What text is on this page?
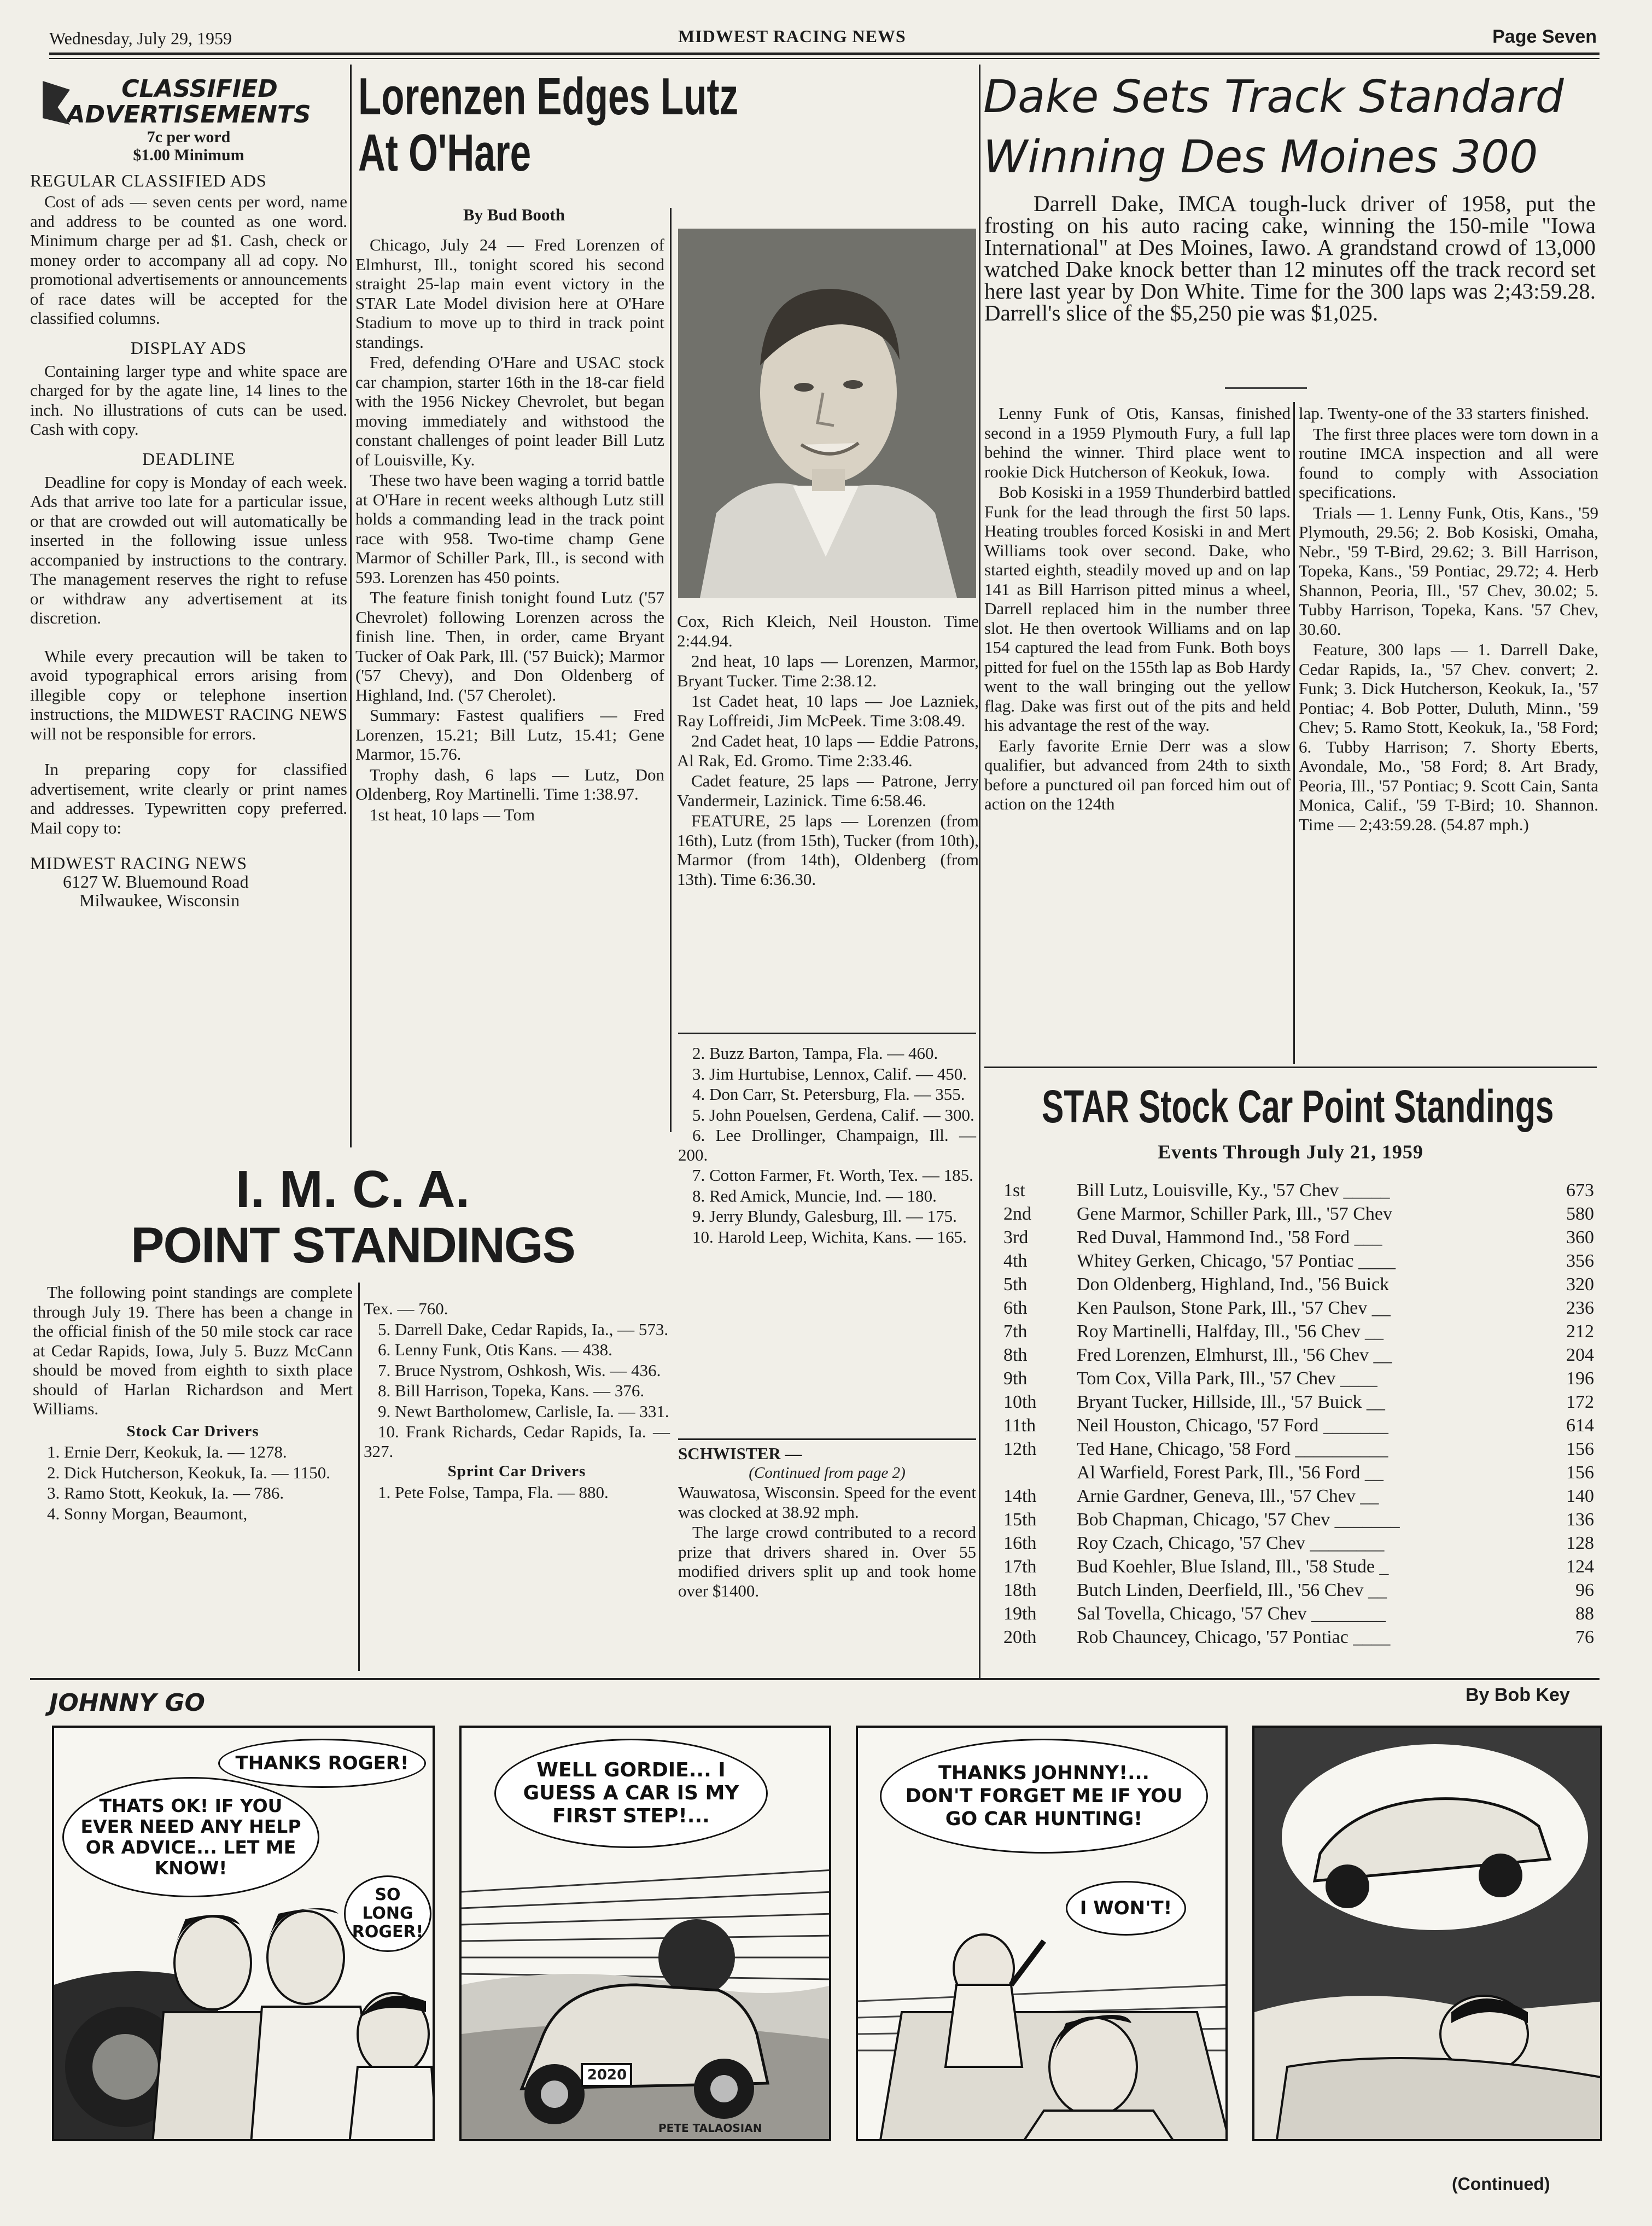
Wednesday, July 29, 1959	MIDWEST RACING NEWS	Page Seven
CLASSIFIED
ADVERTISEMENTS
7c per word
$1.00 Minimum
REGULAR CLASSIFIED ADS

Cost of ads — seven cents per word, name and address to be counted as one word. Minimum charge per ad $1. Cash, check or money order to accompany all ad copy. No promotional advertisements or announcements of race dates will be accepted for the classified columns.

DISPLAY ADS

Containing larger type and white space are charged for by the agate line, 14 lines to the inch. No illustrations of cuts can be used. Cash with copy.

DEADLINE

Deadline for copy is Monday of each week. Ads that arrive too late for a particular issue, or that are crowded out will automatically be inserted in the following issue unless accompanied by instructions to the contrary. The management reserves the right to refuse or withdraw any advertisement at its discretion.

While every precaution will be taken to avoid typographical errors arising from illegible copy or telephone insertion instructions, the MIDWEST RACING NEWS will not be responsible for errors.

In preparing copy for classified advertisement, write clearly or print names and addresses. Typewritten copy preferred. Mail copy to:

MIDWEST RACING NEWS
6127 W. Bluemound Road
Milwaukee, Wisconsin
Lorenzen Edges Lutz
At O'Hare
By Bud Booth

Chicago, July 24 — Fred Lorenzen of Elmhurst, Ill., tonight scored his second straight 25-lap main event victory in the STAR Late Model division here at O'Hare Stadium to move up to third in track point standings.

Fred, defending O'Hare and USAC stock car champion, starter 16th in the 18-car field with the 1956 Nickey Chevrolet, but began moving immediately and withstood the constant challenges of point leader Bill Lutz of Louisville, Ky.

These two have been waging a torrid battle at O'Hare in recent weeks although Lutz still holds a commanding lead in the track point race with 958. Two-time champ Gene Marmor of Schiller Park, Ill., is second with 593. Lorenzen has 450 points.

The feature finish tonight found Lutz ('57 Chevrolet) following Lorenzen across the finish line. Then, in order, came Bryant Tucker of Oak Park, Ill. ('57 Buick); Marmor ('57 Chevy), and Don Oldenberg of Highland, Ind. ('57 Cherolet).

Summary: Fastest qualifiers — Fred Lorenzen, 15.21; Bill Lutz, 15.41; Gene Marmor, 15.76.

Trophy dash, 6 laps — Lutz, Don Oldenberg, Roy Martinelli. Time 1:38.97.

1st heat, 10 laps — Tom

Cox, Rich Kleich, Neil Houston. Time 2:44.94.

2nd heat, 10 laps — Lorenzen, Marmor, Bryant Tucker. Time 2:38.12.

1st Cadet heat, 10 laps — Joe Lazniek, Ray Loffreidi, Jim McPeek. Time 3:08.49.

2nd Cadet heat, 10 laps — Eddie Patrons, Al Rak, Ed. Gromo. Time 2:33.46.

Cadet feature, 25 laps — Patrone, Jerry Vandermeir, Lazinick. Time 6:58.46.

FEATURE, 25 laps — Lorenzen (from 16th), Lutz (from 15th), Tucker (from 10th), Marmor (from 14th), Oldenberg (from 13th). Time 6:36.30.

Dake Sets Track Standard
Winning Des Moines 300
Darrell Dake, IMCA tough-luck driver of 1958, put the frosting on his auto racing cake, winning the 150-mile "Iowa International" at Des Moines, Iawo. A grandstand crowd of 13,000 watched Dake knock better than 12 minutes off the track record set here last year by Don White. Time for the 300 laps was 2;43:59.28. Darrell's slice of the $5,250 pie was $1,025.

Lenny Funk of Otis, Kansas, finished second in a 1959 Plymouth Fury, a full lap behind the winner. Third place went to rookie Dick Hutcherson of Keokuk, Iowa.

Bob Kosiski in a 1959 Thunderbird battled Funk for the lead through the first 50 laps. Heating troubles forced Kosiski in and Mert Williams took over second. Dake, who started eighth, steadily moved up and on lap 141 as Bill Harrison pitted minus a wheel, Darrell replaced him in the number three slot. He then overtook Williams and on lap 154 captured the lead from Funk. Both boys pitted for fuel on the 155th lap as Bob Hardy went to the wall bringing out the yellow flag. Dake was first out of the pits and held his advantage the rest of the way.

Early favorite Ernie Derr was a slow qualifier, but advanced from 24th to sixth before a punctured oil pan forced him out of action on the 124th

lap. Twenty-one of the 33 starters finished.

The first three places were torn down in a routine IMCA inspection and all were found to comply with Association specifications.

Trials — 1. Lenny Funk, Otis, Kans., '59 Plymouth, 29.56; 2. Bob Kosiski, Omaha, Nebr., '59 T-Bird, 29.62; 3. Bill Harrison, Topeka, Kans., '59 Pontiac, 29.72; 4. Herb Shannon, Peoria, Ill., '57 Chev, 30.02; 5. Tubby Harrison, Topeka, Kans. '57 Chev, 30.60.

Feature, 300 laps — 1. Darrell Dake, Cedar Rapids, Ia., '57 Chev. convert; 2. Funk; 3. Dick Hutcherson, Keokuk, Ia., '57 Pontiac; 4. Bob Potter, Duluth, Minn., '59 Chev; 5. Ramo Stott, Keokuk, Ia., '58 Ford; 6. Tubby Harrison; 7. Shorty Eberts, Avondale, Mo., '58 Ford; 8. Art Brady, Peoria, Ill., '57 Pontiac; 9. Scott Cain, Santa Monica, Calif., '59 T-Bird; 10. Shannon. Time — 2;43:59.28. (54.87 mph.)

STAR Stock Car Point Standings
Events Through July 21, 1959
1st	Bill Lutz, Louisville, Ky., '57 Chev _____	673
2nd	Gene Marmor, Schiller Park, Ill., '57 Chev	580
3rd	Red Duval, Hammond Ind., '58 Ford ___	360
4th	Whitey Gerken, Chicago, '57 Pontiac ____	356
5th	Don Oldenberg, Highland, Ind., '56 Buick	320
6th	Ken Paulson, Stone Park, Ill., '57 Chev __	236
7th	Roy Martinelli, Halfday, Ill., '56 Chev __	212
8th	Fred Lorenzen, Elmhurst, Ill., '56 Chev __	204
9th	Tom Cox, Villa Park, Ill., '57 Chev ____	196
10th	Bryant Tucker, Hillside, Ill., '57 Buick __	172
11th	Neil Houston, Chicago, '57 Ford _______	614
12th	Ted Hane, Chicago, '58 Ford __________	156
Al Warfield, Forest Park, Ill., '56 Ford __	156
14th	Arnie Gardner, Geneva, Ill., '57 Chev __	140
15th	Bob Chapman, Chicago, '57 Chev _______	136
16th	Roy Czach, Chicago, '57 Chev ________	128
17th	Bud Koehler, Blue Island, Ill., '58 Stude _	124
18th	Butch Linden, Deerfield, Ill., '56 Chev __	96
19th	Sal Tovella, Chicago, '57 Chev ________	88
20th	Rob Chauncey, Chicago, '57 Pontiac ____	76
I. M. C. A.
POINT STANDINGS

The following point standings are complete through July 19. There has been a change in the official finish of the 50 mile stock car race at Cedar Rapids, Iowa, July 5. Buzz McCann should be moved from eighth to sixth place should of Harlan Richardson and Mert Williams.

Stock Car Drivers

1. Ernie Derr, Keokuk, Ia. — 1278.

2. Dick Hutcherson, Keokuk, Ia. — 1150.

3. Ramo Stott, Keokuk, Ia. — 786.

4. Sonny Morgan, Beaumont,

Tex. — 760.

5. Darrell Dake, Cedar Rapids, Ia., — 573.

6. Lenny Funk, Otis Kans. — 438.

7. Bruce Nystrom, Oshkosh, Wis. — 436.

8. Bill Harrison, Topeka, Kans. — 376.

9. Newt Bartholomew, Carlisle, Ia. — 331.

10. Frank Richards, Cedar Rapids, Ia. — 327.

Sprint Car Drivers

1. Pete Folse, Tampa, Fla. — 880.

2. Buzz Barton, Tampa, Fla. — 460.

3. Jim Hurtubise, Lennox, Calif. — 450.

4. Don Carr, St. Petersburg, Fla. — 355.

5. John Pouelsen, Gerdena, Calif. — 300.

6. Lee Drollinger, Champaign, Ill. — 200.

7. Cotton Farmer, Ft. Worth, Tex. — 185.

8. Red Amick, Muncie, Ind. — 180.

9. Jerry Blundy, Galesburg, Ill. — 175.

10. Harold Leep, Wichita, Kans. — 165.

SCHWISTER —
(Continued from page 2)

Wauwatosa, Wisconsin. Speed for the event was clocked at 38.92 mph.

The large crowd contributed to a record prize that drivers shared in. Over 55 modified drivers split up and took home over $1400.

JOHNNY GO	By Bob Key
THANKS ROGER!
THATS OK! IF YOU EVER NEED ANY HELP OR ADVICE... LET ME KNOW!
SO LONG ROGER!
2020
WELL GORDIE... I GUESS A CAR IS MY FIRST STEP!...
PETE TALAOSIAN
THANKS JOHNNY!... DON'T FORGET ME IF YOU GO CAR HUNTING!
I WON'T!
(Continued)
